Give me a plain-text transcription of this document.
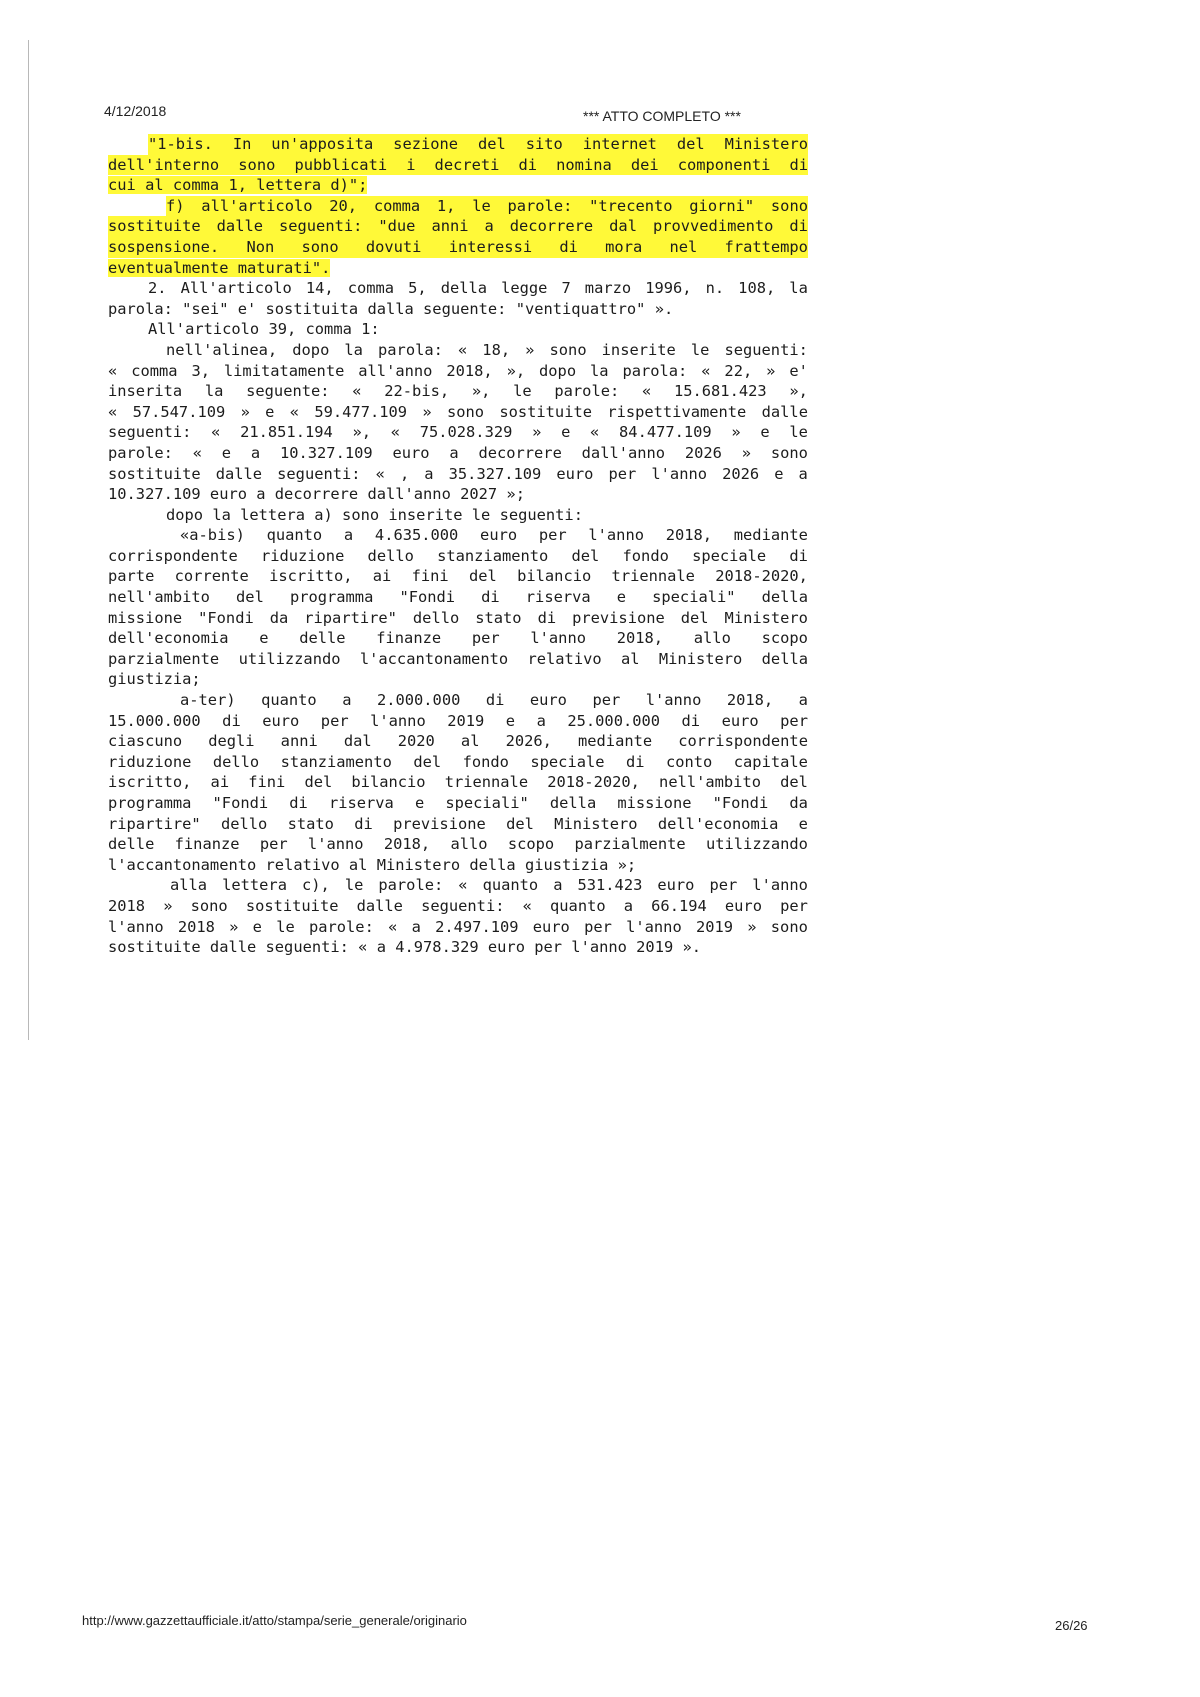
4/12/2018	*** ATTO COMPLETO ***
"1-bis. In un'apposita sezione del sito internet del Ministero
dell'interno sono pubblicati i decreti di nomina dei componenti di
cui al comma 1, lettera d)";
f) all'articolo 20, comma 1, le parole: "trecento giorni" sono
sostituite dalle seguenti: "due anni a decorrere dal provvedimento di
sospensione. Non sono dovuti interessi di mora nel frattempo
eventualmente maturati".
2. All'articolo 14, comma 5, della legge 7 marzo 1996, n. 108, la
parola: "sei" e' sostituita dalla seguente: "ventiquattro" ».
All'articolo 39, comma 1:
nell'alinea, dopo la parola: « 18, » sono inserite le seguenti:
« comma 3, limitatamente all'anno 2018, », dopo la parola: « 22, » e'
inserita la seguente: « 22-bis, », le parole: « 15.681.423 »,
« 57.547.109 » e « 59.477.109 » sono sostituite rispettivamente dalle
seguenti: « 21.851.194 », « 75.028.329 » e « 84.477.109 » e le
parole: « e a 10.327.109 euro a decorrere dall'anno 2026 » sono
sostituite dalle seguenti: « , a 35.327.109 euro per l'anno 2026 e a
10.327.109 euro a decorrere dall'anno 2027 »;
dopo la lettera a) sono inserite le seguenti:
«a-bis) quanto a 4.635.000 euro per l'anno 2018, mediante
corrispondente riduzione dello stanziamento del fondo speciale di
parte corrente iscritto, ai fini del bilancio triennale 2018-2020,
nell'ambito del programma "Fondi di riserva e speciali" della
missione "Fondi da ripartire" dello stato di previsione del Ministero
dell'economia e delle finanze per l'anno 2018, allo scopo
parzialmente utilizzando l'accantonamento relativo al Ministero della
giustizia;
a-ter) quanto a 2.000.000 di euro per l'anno 2018, a
15.000.000 di euro per l'anno 2019 e a 25.000.000 di euro per
ciascuno degli anni dal 2020 al 2026, mediante corrispondente
riduzione dello stanziamento del fondo speciale di conto capitale
iscritto, ai fini del bilancio triennale 2018-2020, nell'ambito del
programma "Fondi di riserva e speciali" della missione "Fondi da
ripartire" dello stato di previsione del Ministero dell'economia e
delle finanze per l'anno 2018, allo scopo parzialmente utilizzando
l'accantonamento relativo al Ministero della giustizia »;
alla lettera c), le parole: « quanto a 531.423 euro per l'anno
2018 » sono sostituite dalle seguenti: « quanto a 66.194 euro per
l'anno 2018 » e le parole: « a 2.497.109 euro per l'anno 2019 » sono
sostituite dalle seguenti: « a 4.978.329 euro per l'anno 2019 ».
http://www.gazzettaufficiale.it/atto/stampa/serie_generale/originario	26/26
